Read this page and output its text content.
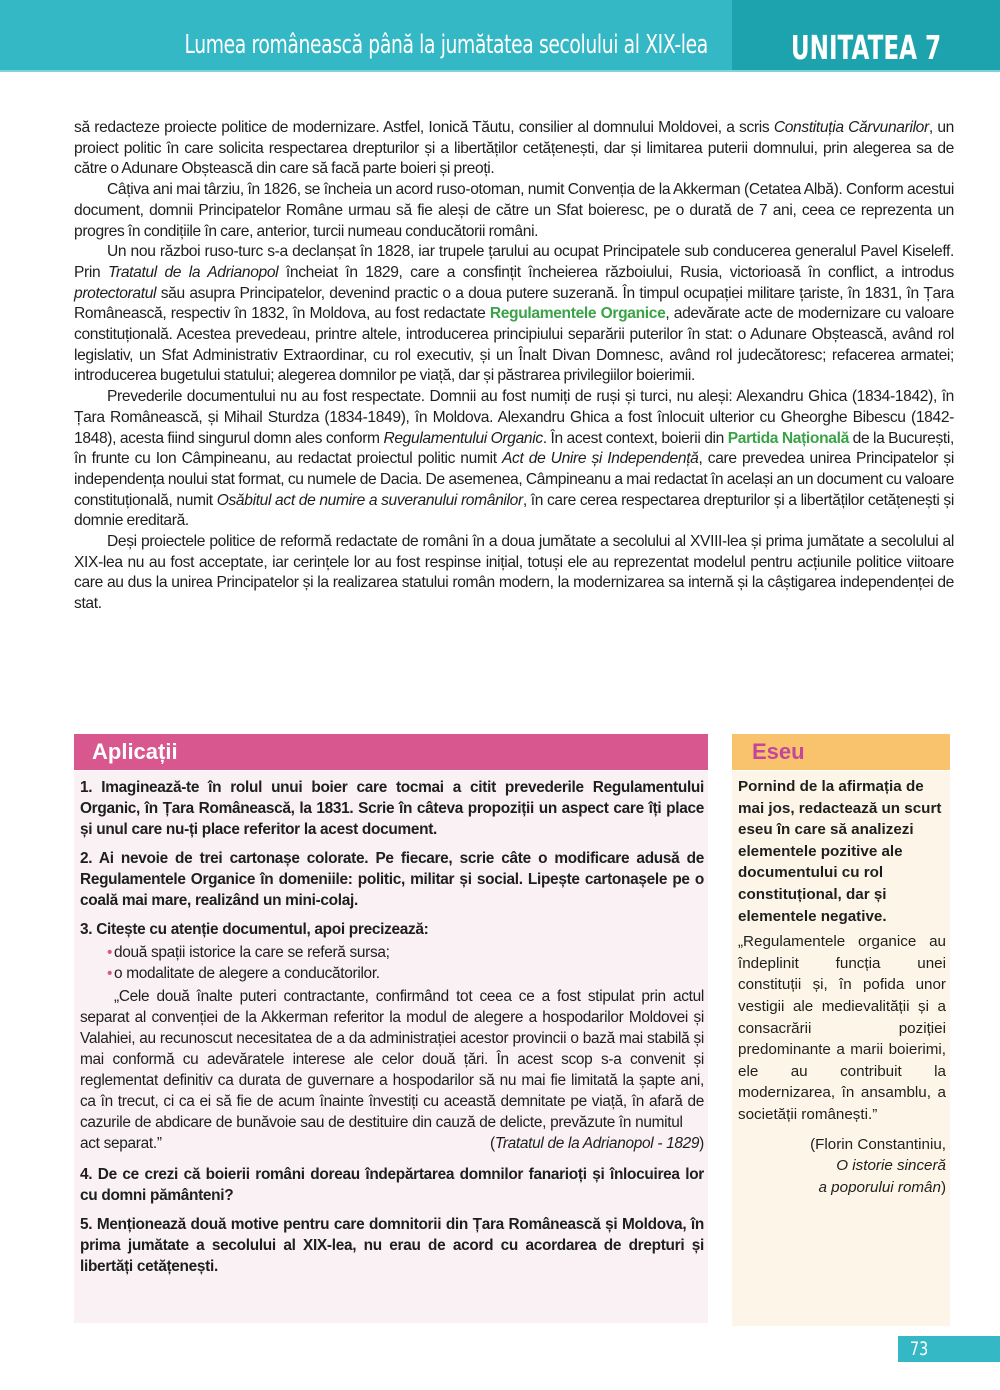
Lumea românească până la jumătatea secolului al XIX-lea	UNITATEA 7

să redacteze proiecte politice de modernizare. Astfel, Ionică Tăutu, consilier al domnului Moldovei, a scris Constituția Cărvunarilor, un proiect politic în care solicita respectarea drepturilor și a libertăților cetățenești, dar și limitarea puterii domnului, prin alegerea sa de către o Adunare Obștească din care să facă parte boieri și preoți.

Câțiva ani mai târziu, în 1826, se încheia un acord ruso-otoman, numit Convenția de la Akkerman (Cetatea Albă). Conform acestui document, domnii Principatelor Române urmau să fie aleși de către un Sfat boieresc, pe o durată de 7 ani, ceea ce reprezenta un progres în condițiile în care, anterior, turcii numeau conducătorii români.

Un nou război ruso-turc s-a declanșat în 1828, iar trupele țarului au ocupat Principatele sub conducerea generalul Pavel Kiseleff. Prin Tratatul de la Adrianopol încheiat în 1829, care a consfințit încheierea războiului, Rusia, victorioasă în conflict, a introdus protectoratul său asupra Principatelor, devenind practic o a doua putere suzerană. În timpul ocupației militare țariste, în 1831, în Țara Românească, respectiv în 1832, în Moldova, au fost redactate Regulamentele Organice, adevărate acte de modernizare cu valoare constituțională. Acestea prevedeau, printre altele, introducerea principiului separării puterilor în stat: o Adunare Obștească, având rol legislativ, un Sfat Administrativ Extraordinar, cu rol executiv, și un Înalt Divan Domnesc, având rol judecătoresc; refacerea armatei; introducerea bugetului statului; alegerea domnilor pe viață, dar și păstrarea privilegiilor boierimii.

Prevederile documentului nu au fost respectate. Domnii au fost numiți de ruși și turci, nu aleși: Alexandru Ghica (1834-1842), în Țara Românească, și Mihail Sturdza (1834-1849), în Moldova. Alexandru Ghica a fost înlocuit ulterior cu Gheorghe Bibescu (1842-1848), acesta fiind singurul domn ales conform Regulamentului Organic. În acest context, boierii din Partida Națională de la București, în frunte cu Ion Câmpineanu, au redactat proiectul politic numit Act de Unire și Independență, care prevedea unirea Principatelor și independența noului stat format, cu numele de Dacia. De asemenea, Câmpineanu a mai redactat în același an un document cu valoare constituțională, numit Osăbitul act de numire a suveranului românilor, în care cerea respectarea drepturilor și a libertăților cetățenești și domnie ereditară.

Deși proiectele politice de reformă redactate de români în a doua jumătate a secolului al XVIII-lea și prima jumătate a secolului al XIX-lea nu au fost acceptate, iar cerințele lor au fost respinse inițial, totuși ele au reprezentat modelul pentru acțiunile politice viitoare care au dus la unirea Principatelor și la realizarea statului român modern, la modernizarea sa internă și la câștigarea independenței de stat.

Aplicații

1. Imaginează-te în rolul unui boier care tocmai a citit prevederile Regulamentului Organic, în Țara Românească, la 1831. Scrie în câteva propoziții un aspect care îți place și unul care nu-ți place referitor la acest document.

2. Ai nevoie de trei cartonașe colorate. Pe fiecare, scrie câte o modificare adusă de Regulamentele Organice în domeniile: politic, militar și social. Lipește cartonașele pe o coală mai mare, realizând un mini-colaj.

3. Citește cu atenție documentul, apoi precizează:

• două spații istorice la care se referă sursa;
• o modalitate de alegere a conducătorilor.

„Cele două înalte puteri contractante, confirmând tot ceea ce a fost stipulat prin actul separat al convenției de la Akkerman referitor la modul de alegere a hospodarilor Moldovei și Valahiei, au recunoscut necesitatea de a da administrației acestor provincii o bază mai stabilă și mai conformă cu adevăratele interese ale celor două țări. În acest scop s-a convenit și reglementat definitiv ca durata de guvernare a hospodarilor să nu mai fie limitată la șapte ani, ca în trecut, ci ca ei să fie de acum înainte învestiți cu această demnitate pe viață, în afară de cazurile de abdicare de bunăvoie sau de destituire din cauză de delicte, prevăzute în numitul

act separat.”	(Tratatul de la Adrianopol - 1829)

4. De ce crezi că boierii români doreau îndepărtarea domnilor fanarioți și înlocuirea lor cu domni pământeni?

5. Menționează două motive pentru care domnitorii din Țara Românească și Moldova, în prima jumătate a secolului al XIX-lea, nu erau de acord cu acordarea de drepturi și libertăți cetățenești.

Eseu

Pornind de la afirmația de mai jos, redactează un scurt eseu în care să analizezi elementele pozitive ale documentului cu rol constituțional, dar și elementele negative.

„Regulamentele organice au îndeplinit funcția unei constituții și, în pofida unor vestigii ale medievalității și a consacrării poziției predominante a marii boierimi, ele au contribuit la modernizarea, în ansamblu, a societății românești.”

(Florin Constantiniu,
O istorie sinceră
a poporului român)

73
